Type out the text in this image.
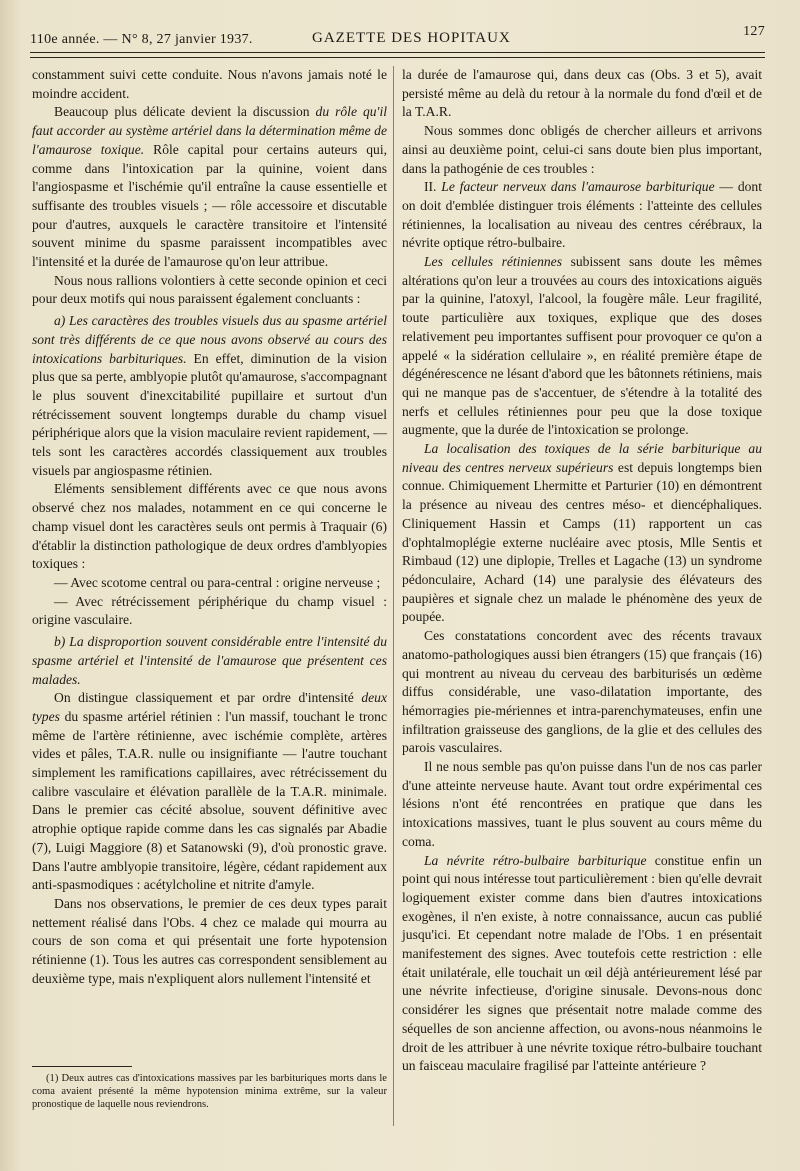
110e année. — N° 8, 27 janvier 1937.	GAZETTE DES HOPITAUX	127

constamment suivi cette conduite. Nous n'avons jamais noté le moindre accident.

Beaucoup plus délicate devient la discussion du rôle qu'il faut accorder au système artériel dans la détermination même de l'amaurose toxique. Rôle capital pour certains auteurs qui, comme dans l'intoxication par la quinine, voient dans l'angiospasme et l'ischémie qu'il entraîne la cause essentielle et suffisante des troubles visuels ; — rôle accessoire et discutable pour d'autres, auxquels le caractère transitoire et l'intensité souvent minime du spasme paraissent incompatibles avec l'intensité et la durée de l'amaurose qu'on leur attribue.

Nous nous rallions volontiers à cette seconde opinion et ceci pour deux motifs qui nous paraissent également concluants :

a) Les caractères des troubles visuels dus au spasme artériel sont très différents de ce que nous avons observé au cours des intoxications barbituriques. En effet, diminution de la vision plus que sa perte, amblyopie plutôt qu'amaurose, s'accompagnant le plus souvent d'inexcitabilité pupillaire et surtout d'un rétrécissement souvent longtemps durable du champ visuel périphérique alors que la vision maculaire revient rapidement, — tels sont les caractères accordés classiquement aux troubles visuels par angiospasme rétinien.

Eléments sensiblement différents avec ce que nous avons observé chez nos malades, notamment en ce qui concerne le champ visuel dont les caractères seuls ont permis à Traquair (6) d'établir la distinction pathologique de deux ordres d'amblyopies toxiques :

— Avec scotome central ou para-central : origine nerveuse ;

— Avec rétrécissement périphérique du champ visuel : origine vasculaire.

b) La disproportion souvent considérable entre l'intensité du spasme artériel et l'intensité de l'amaurose que présentent ces malades.

On distingue classiquement et par ordre d'intensité deux types du spasme artériel rétinien : l'un massif, touchant le tronc même de l'artère rétinienne, avec ischémie complète, artères vides et pâles, T.A.R. nulle ou insignifiante — l'autre touchant simplement les ramifications capillaires, avec rétrécissement du calibre vasculaire et élévation parallèle de la T.A.R. minimale. Dans le premier cas cécité absolue, souvent définitive avec atrophie optique rapide comme dans les cas signalés par Abadie (7), Luigi Maggiore (8) et Satanowski (9), d'où pronostic grave. Dans l'autre amblyopie transitoire, légère, cédant rapidement aux anti-spasmodiques : acétylcholine et nitrite d'amyle.

Dans nos observations, le premier de ces deux types parait nettement réalisé dans l'Obs. 4 chez ce malade qui mourra au cours de son coma et qui présentait une forte hypotension rétinienne (1). Tous les autres cas correspondent sensiblement au deuxième type, mais n'expliquent alors nullement l'intensité et

(1) Deux autres cas d'intoxications massives par les barbituriques morts dans le coma avaient présenté la même hypotension minima extrême, sur la valeur pronostique de laquelle nous reviendrons.

la durée de l'amaurose qui, dans deux cas (Obs. 3 et 5), avait persisté même au delà du retour à la normale du fond d'œil et de la T.A.R.

Nous sommes donc obligés de chercher ailleurs et arrivons ainsi au deuxième point, celui-ci sans doute bien plus important, dans la pathogénie de ces troubles :

II. Le facteur nerveux dans l'amaurose barbiturique — dont on doit d'emblée distinguer trois éléments : l'atteinte des cellules rétiniennes, la localisation au niveau des centres cérébraux, la névrite optique rétro-bulbaire.

Les cellules rétiniennes subissent sans doute les mêmes altérations qu'on leur a trouvées au cours des intoxications aiguës par la quinine, l'atoxyl, l'alcool, la fougère mâle. Leur fragilité, toute particulière aux toxiques, explique que des doses relativement peu importantes suffisent pour provoquer ce qu'on a appelé « la sidération cellulaire », en réalité première étape de dégénérescence ne lésant d'abord que les bâtonnets rétiniens, mais qui ne manque pas de s'accentuer, de s'étendre à la totalité des nerfs et cellules rétiniennes pour peu que la dose toxique augmente, que la durée de l'intoxication se prolonge.

La localisation des toxiques de la série barbiturique au niveau des centres nerveux supérieurs est depuis longtemps bien connue. Chimiquement Lhermitte et Parturier (10) en démontrent la présence au niveau des centres méso- et diencéphaliques. Cliniquement Hassin et Camps (11) rapportent un cas d'ophtalmoplégie externe nucléaire avec ptosis, Mlle Sentis et Rimbaud (12) une diplopie, Trelles et Lagache (13) un syndrome pédonculaire, Achard (14) une paralysie des élévateurs des paupières et signale chez un malade le phénomène des yeux de poupée.

Ces constatations concordent avec des récents travaux anatomo-pathologiques aussi bien étrangers (15) que français (16) qui montrent au niveau du cerveau des barbiturisés un œdème diffus considérable, une vaso-dilatation importante, des hémorragies pie-mériennes et intra-parenchymateuses, enfin une infiltration graisseuse des ganglions, de la glie et des cellules des parois vasculaires.

Il ne nous semble pas qu'on puisse dans l'un de nos cas parler d'une atteinte nerveuse haute. Avant tout ordre expérimental ces lésions n'ont été rencontrées en pratique que dans les intoxications massives, tuant le plus souvent au cours même du coma.

La névrite rétro-bulbaire barbiturique constitue enfin un point qui nous intéresse tout particulièrement : bien qu'elle devrait logiquement exister comme dans bien d'autres intoxications exogènes, il n'en existe, à notre connaissance, aucun cas publié jusqu'ici. Et cependant notre malade de l'Obs. 1 en présentait manifestement des signes. Avec toutefois cette restriction : elle était unilatérale, elle touchait un œil déjà antérieurement lésé par une névrite infectieuse, d'origine sinusale. Devons-nous donc considérer les signes que présentait notre malade comme des séquelles de son ancienne affection, ou avons-nous néanmoins le droit de les attribuer à une névrite toxique rétro-bulbaire touchant un faisceau maculaire fragilisé par l'atteinte antérieure ?
